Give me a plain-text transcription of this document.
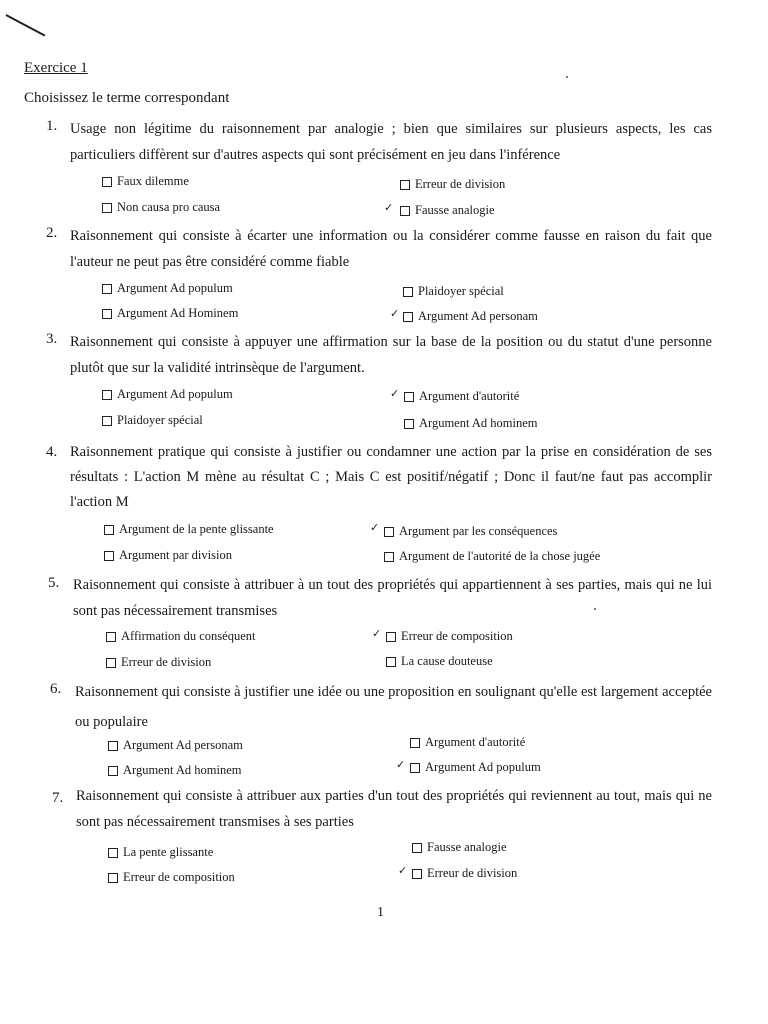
Exercice 1
Choisissez le terme correspondant
1. Usage non légitime du raisonnement par analogie ; bien que similaires sur plusieurs aspects, les cas particuliers diffèrent sur d'autres aspects qui sont précisément en jeu dans l'inférence
Faux dilemme	Erreur de division
Non causa pro causa	✓ Fausse analogie
2. Raisonnement qui consiste à écarter une information ou la considérer comme fausse en raison du fait que l'auteur ne peut pas être considéré comme fiable
Argument Ad populum	Plaidoyer spécial
Argument Ad Hominem	✓ Argument Ad personam
3. Raisonnement qui consiste à appuyer une affirmation sur la base de la position ou du statut d'une personne plutôt que sur la validité intrinsèque de l'argument.
Argument Ad populum	✓ Argument d'autorité
Plaidoyer spécial	Argument Ad hominem
4. Raisonnement pratique qui consiste à justifier ou condamner une action par la prise en considération de ses résultats : L'action M mène au résultat C ; Mais C est positif/négatif ; Donc il faut/ne faut pas accomplir l'action M
Argument de la pente glissante	✓ Argument par les conséquences
Argument par division	Argument de l'autorité de la chose jugée
5. Raisonnement qui consiste à attribuer à un tout des propriétés qui appartiennent à ses parties, mais qui ne lui sont pas nécessairement transmises
Affirmation du conséquent	✓ Erreur de composition
Erreur de division	La cause douteuse
6. Raisonnement qui consiste à justifier une idée ou une proposition en soulignant qu'elle est largement acceptée ou populaire
Argument Ad personam	Argument d'autorité
Argument Ad hominem	✓ Argument Ad populum
7. Raisonnement qui consiste à attribuer aux parties d'un tout des propriétés qui reviennent au tout, mais qui ne sont pas nécessairement transmises à ses parties
La pente glissante	Fausse analogie
Erreur de composition	✓ Erreur de division
1
